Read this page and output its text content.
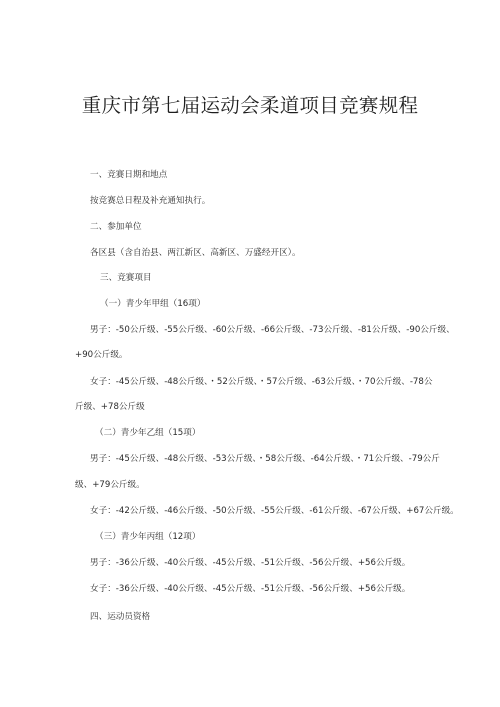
重庆市第七届运动会柔道项目竞赛规程
一、竞赛日期和地点
按竞赛总日程及补充通知执行。
二、参加单位
各区县（含自治县、两江新区、高新区、万盛经开区）。
三、竞赛项目
（一）青少年甲组（16项）
男子：-50公斤级、-55公斤级、-60公斤级、-66公斤级、-73公斤级、-81公斤级、-90公斤级、
+90公斤级。
女子：-45公斤级、-48公斤级、・52公斤级、・57公斤级、-63公斤级、・70公斤级、-78公
斤级、+78公斤级
（二）青少年乙组（15项）
男子：-45公斤级、-48公斤级、-53公斤级、・58公斤级、-64公斤级、・71公斤级、-79公斤
级、+79公斤级。
女子：-42公斤级、-46公斤级、-50公斤级、-55公斤级、-61公斤级、-67公斤级、+67公斤级。
（三）青少年丙组（12项）
男子：-36公斤级、-40公斤级、-45公斤级、-51公斤级、-56公斤级、+56公斤级。
女子：-36公斤级、-40公斤级、-45公斤级、-51公斤级、-56公斤级、+56公斤级。
四、运动员资格
